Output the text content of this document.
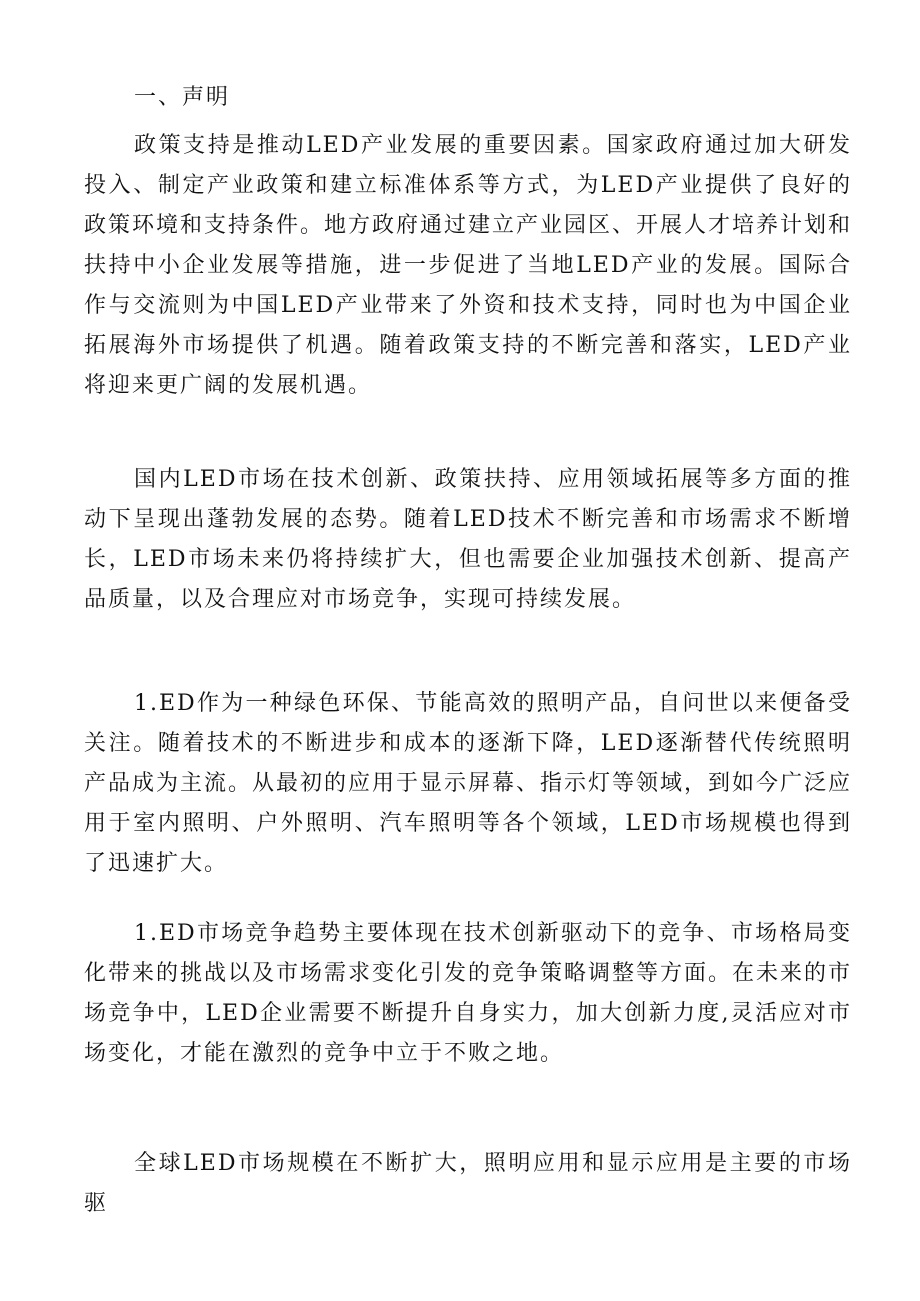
一、声明

政策支持是推动LED产业发展的重要因素。国家政府通过加大研发投入、制定产业政策和建立标准体系等方式，为LED产业提供了良好的政策环境和支持条件。地方政府通过建立产业园区、开展人才培养计划和扶持中小企业发展等措施，进一步促进了当地LED产业的发展。国际合作与交流则为中国LED产业带来了外资和技术支持，同时也为中国企业拓展海外市场提供了机遇。随着政策支持的不断完善和落实，LED产业将迎来更广阔的发展机遇。

国内LED市场在技术创新、政策扶持、应用领域拓展等多方面的推动下呈现出蓬勃发展的态势。随着LED技术不断完善和市场需求不断增长，LED市场未来仍将持续扩大，但也需要企业加强技术创新、提高产品质量，以及合理应对市场竞争，实现可持续发展。

1.ED作为一种绿色环保、节能高效的照明产品，自问世以来便备受关注。随着技术的不断进步和成本的逐渐下降，LED逐渐替代传统照明产品成为主流。从最初的应用于显示屏幕、指示灯等领域，到如今广泛应用于室内照明、户外照明、汽车照明等各个领域，LED市场规模也得到了迅速扩大。

1.ED市场竞争趋势主要体现在技术创新驱动下的竞争、市场格局变化带来的挑战以及市场需求变化引发的竞争策略调整等方面。在未来的市场竞争中，LED企业需要不断提升自身实力，加大创新力度,灵活应对市场变化，才能在激烈的竞争中立于不败之地。

全球LED市场规模在不断扩大，照明应用和显示应用是主要的市场驱
